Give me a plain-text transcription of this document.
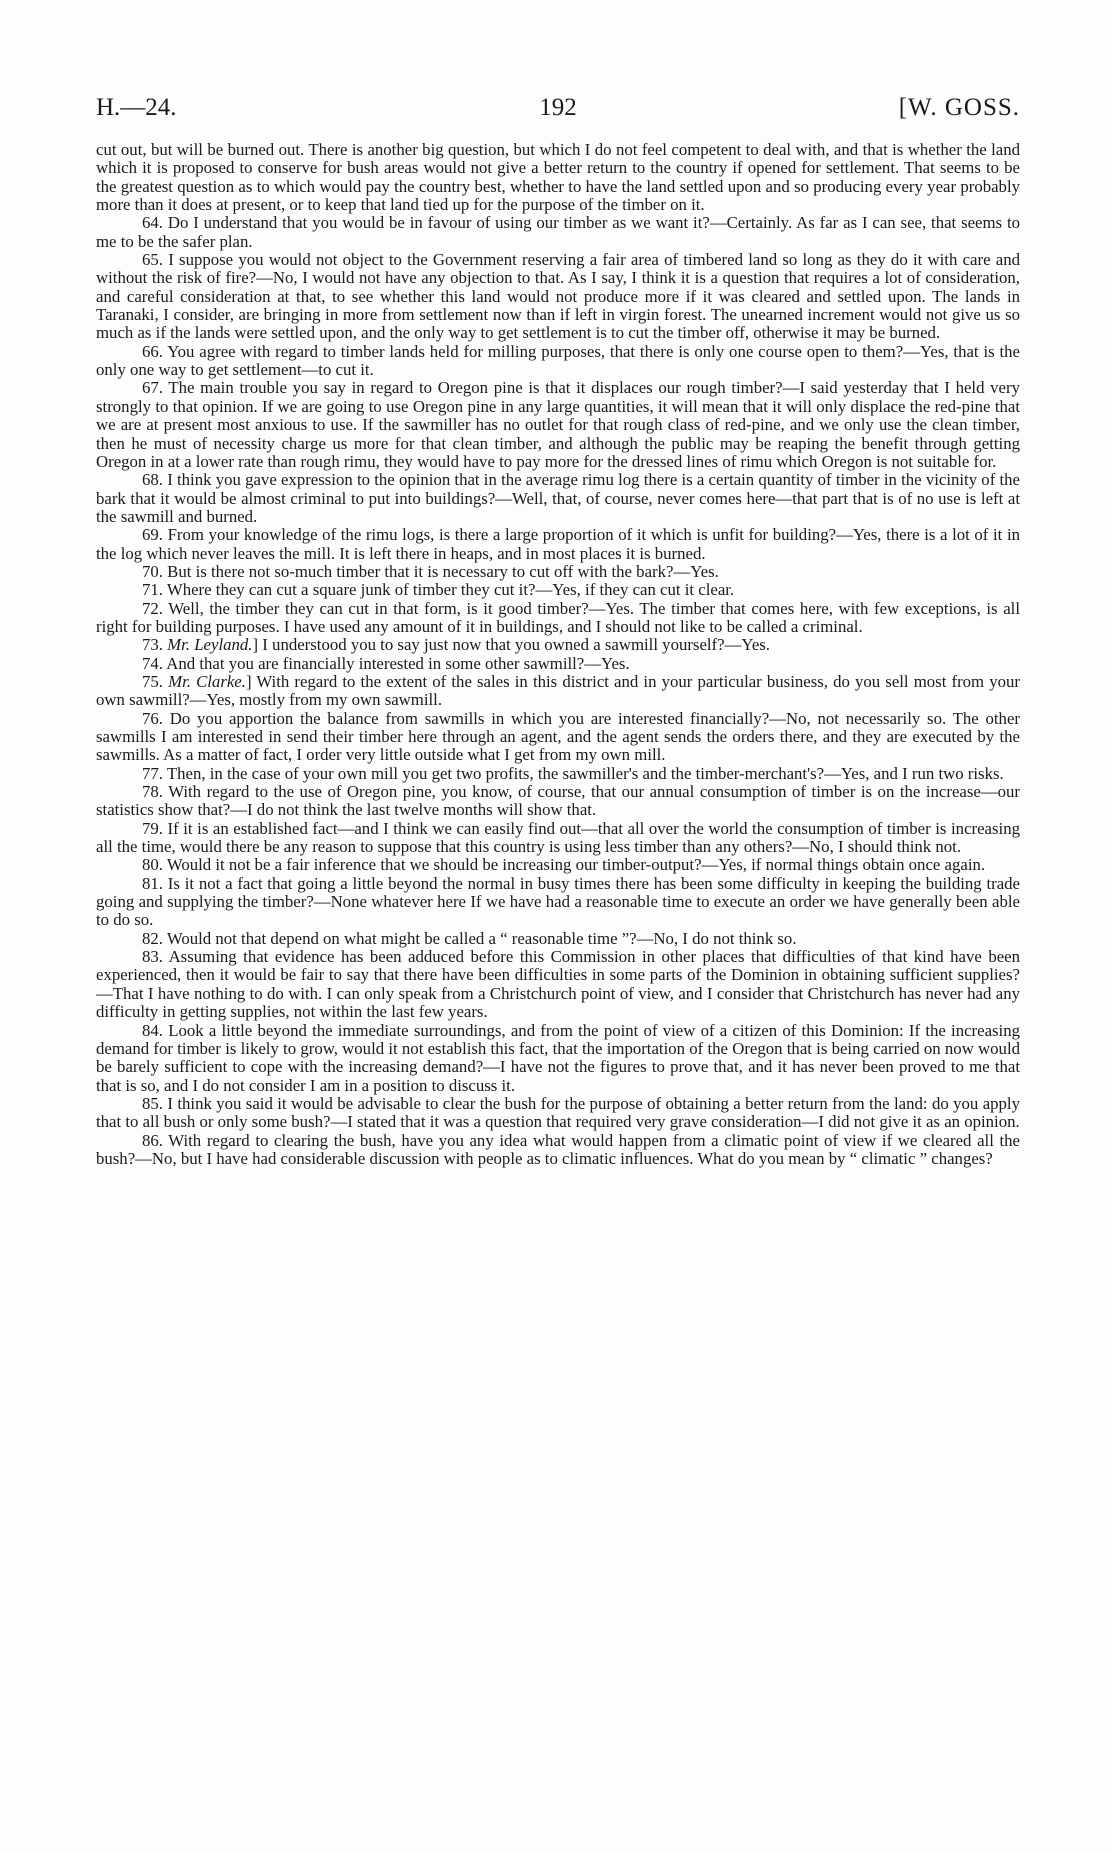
H.—24.	192	[W. GOSS.

cut out, but will be burned out. There is another big question, but which I do not feel competent to deal with, and that is whether the land which it is proposed to conserve for bush areas would not give a better return to the country if opened for settlement. That seems to be the greatest question as to which would pay the country best, whether to have the land settled upon and so producing every year probably more than it does at present, or to keep that land tied up for the purpose of the timber on it.

64. Do I understand that you would be in favour of using our timber as we want it?—Certainly. As far as I can see, that seems to me to be the safer plan.

65. I suppose you would not object to the Government reserving a fair area of timbered land so long as they do it with care and without the risk of fire?—No, I would not have any objection to that. As I say, I think it is a question that requires a lot of consideration, and careful consideration at that, to see whether this land would not produce more if it was cleared and settled upon. The lands in Taranaki, I consider, are bringing in more from settlement now than if left in virgin forest. The unearned increment would not give us so much as if the lands were settled upon, and the only way to get settlement is to cut the timber off, otherwise it may be burned.

66. You agree with regard to timber lands held for milling purposes, that there is only one course open to them?—Yes, that is the only one way to get settlement—to cut it.

67. The main trouble you say in regard to Oregon pine is that it displaces our rough timber?—I said yesterday that I held very strongly to that opinion. If we are going to use Oregon pine in any large quantities, it will mean that it will only displace the red-pine that we are at present most anxious to use. If the sawmiller has no outlet for that rough class of red-pine, and we only use the clean timber, then he must of necessity charge us more for that clean timber, and although the public may be reaping the benefit through getting Oregon in at a lower rate than rough rimu, they would have to pay more for the dressed lines of rimu which Oregon is not suitable for.

68. I think you gave expression to the opinion that in the average rimu log there is a certain quantity of timber in the vicinity of the bark that it would be almost criminal to put into buildings?—Well, that, of course, never comes here—that part that is of no use is left at the sawmill and burned.

69. From your knowledge of the rimu logs, is there a large proportion of it which is unfit for building?—Yes, there is a lot of it in the log which never leaves the mill. It is left there in heaps, and in most places it is burned.

70. But is there not so-much timber that it is necessary to cut off with the bark?—Yes.

71. Where they can cut a square junk of timber they cut it?—Yes, if they can cut it clear.

72. Well, the timber they can cut in that form, is it good timber?—Yes. The timber that comes here, with few exceptions, is all right for building purposes. I have used any amount of it in buildings, and I should not like to be called a criminal.

73. Mr. Leyland.] I understood you to say just now that you owned a sawmill yourself?—Yes.

74. And that you are financially interested in some other sawmill?—Yes.

75. Mr. Clarke.] With regard to the extent of the sales in this district and in your particular business, do you sell most from your own sawmill?—Yes, mostly from my own sawmill.

76. Do you apportion the balance from sawmills in which you are interested financially?—No, not necessarily so. The other sawmills I am interested in send their timber here through an agent, and the agent sends the orders there, and they are executed by the sawmills. As a matter of fact, I order very little outside what I get from my own mill.

77. Then, in the case of your own mill you get two profits, the sawmiller's and the timber-merchant's?—Yes, and I run two risks.

78. With regard to the use of Oregon pine, you know, of course, that our annual consumption of timber is on the increase—our statistics show that?—I do not think the last twelve months will show that.

79. If it is an established fact—and I think we can easily find out—that all over the world the consumption of timber is increasing all the time, would there be any reason to suppose that this country is using less timber than any others?—No, I should think not.

80. Would it not be a fair inference that we should be increasing our timber-output?—Yes, if normal things obtain once again.

81. Is it not a fact that going a little beyond the normal in busy times there has been some difficulty in keeping the building trade going and supplying the timber?—None whatever here If we have had a reasonable time to execute an order we have generally been able to do so.

82. Would not that depend on what might be called a “ reasonable time ”?—No, I do not think so.

83. Assuming that evidence has been adduced before this Commission in other places that difficulties of that kind have been experienced, then it would be fair to say that there have been difficulties in some parts of the Dominion in obtaining sufficient supplies?—That I have nothing to do with. I can only speak from a Christchurch point of view, and I consider that Christchurch has never had any difficulty in getting supplies, not within the last few years.

84. Look a little beyond the immediate surroundings, and from the point of view of a citizen of this Dominion: If the increasing demand for timber is likely to grow, would it not establish this fact, that the importation of the Oregon that is being carried on now would be barely sufficient to cope with the increasing demand?—I have not the figures to prove that, and it has never been proved to me that that is so, and I do not consider I am in a position to discuss it.

85. I think you said it would be advisable to clear the bush for the purpose of obtaining a better return from the land: do you apply that to all bush or only some bush?—I stated that it was a question that required very grave consideration—I did not give it as an opinion.

86. With regard to clearing the bush, have you any idea what would happen from a climatic point of view if we cleared all the bush?—No, but I have had considerable discussion with people as to climatic influences. What do you mean by “ climatic ” changes?
